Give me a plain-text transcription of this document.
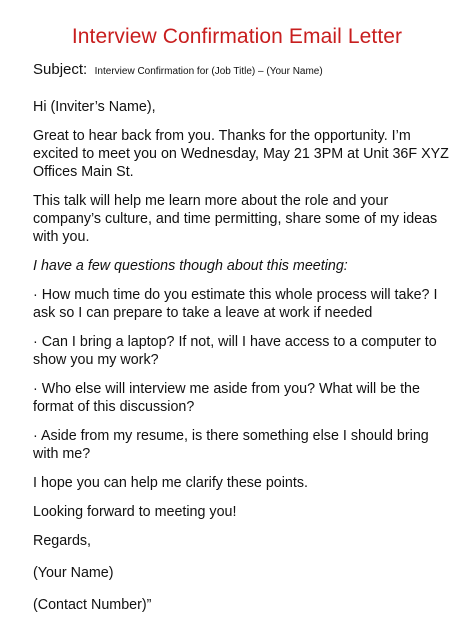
Interview Confirmation Email Letter
Subject: Interview Confirmation for (Job Title) – (Your Name)

Hi (Inviter’s Name),

Great to hear back from you. Thanks for the opportunity. I’m excited to meet you on Wednesday, May 21 3PM at Unit 36F XYZ Offices Main St.

This talk will help me learn more about the role and your company’s culture, and time permitting, share some of my ideas with you.

I have a few questions though about this meeting:

· How much time do you estimate this whole process will take? I ask so I can prepare to take a leave at work if needed

· Can I bring a laptop? If not, will I have access to a computer to show you my work?

· Who else will interview me aside from you? What will be the format of this discussion?

· Aside from my resume, is there something else I should bring with me?

I hope you can help me clarify these points.

Looking forward to meeting you!

Regards,

(Your Name)

(Contact Number)”
